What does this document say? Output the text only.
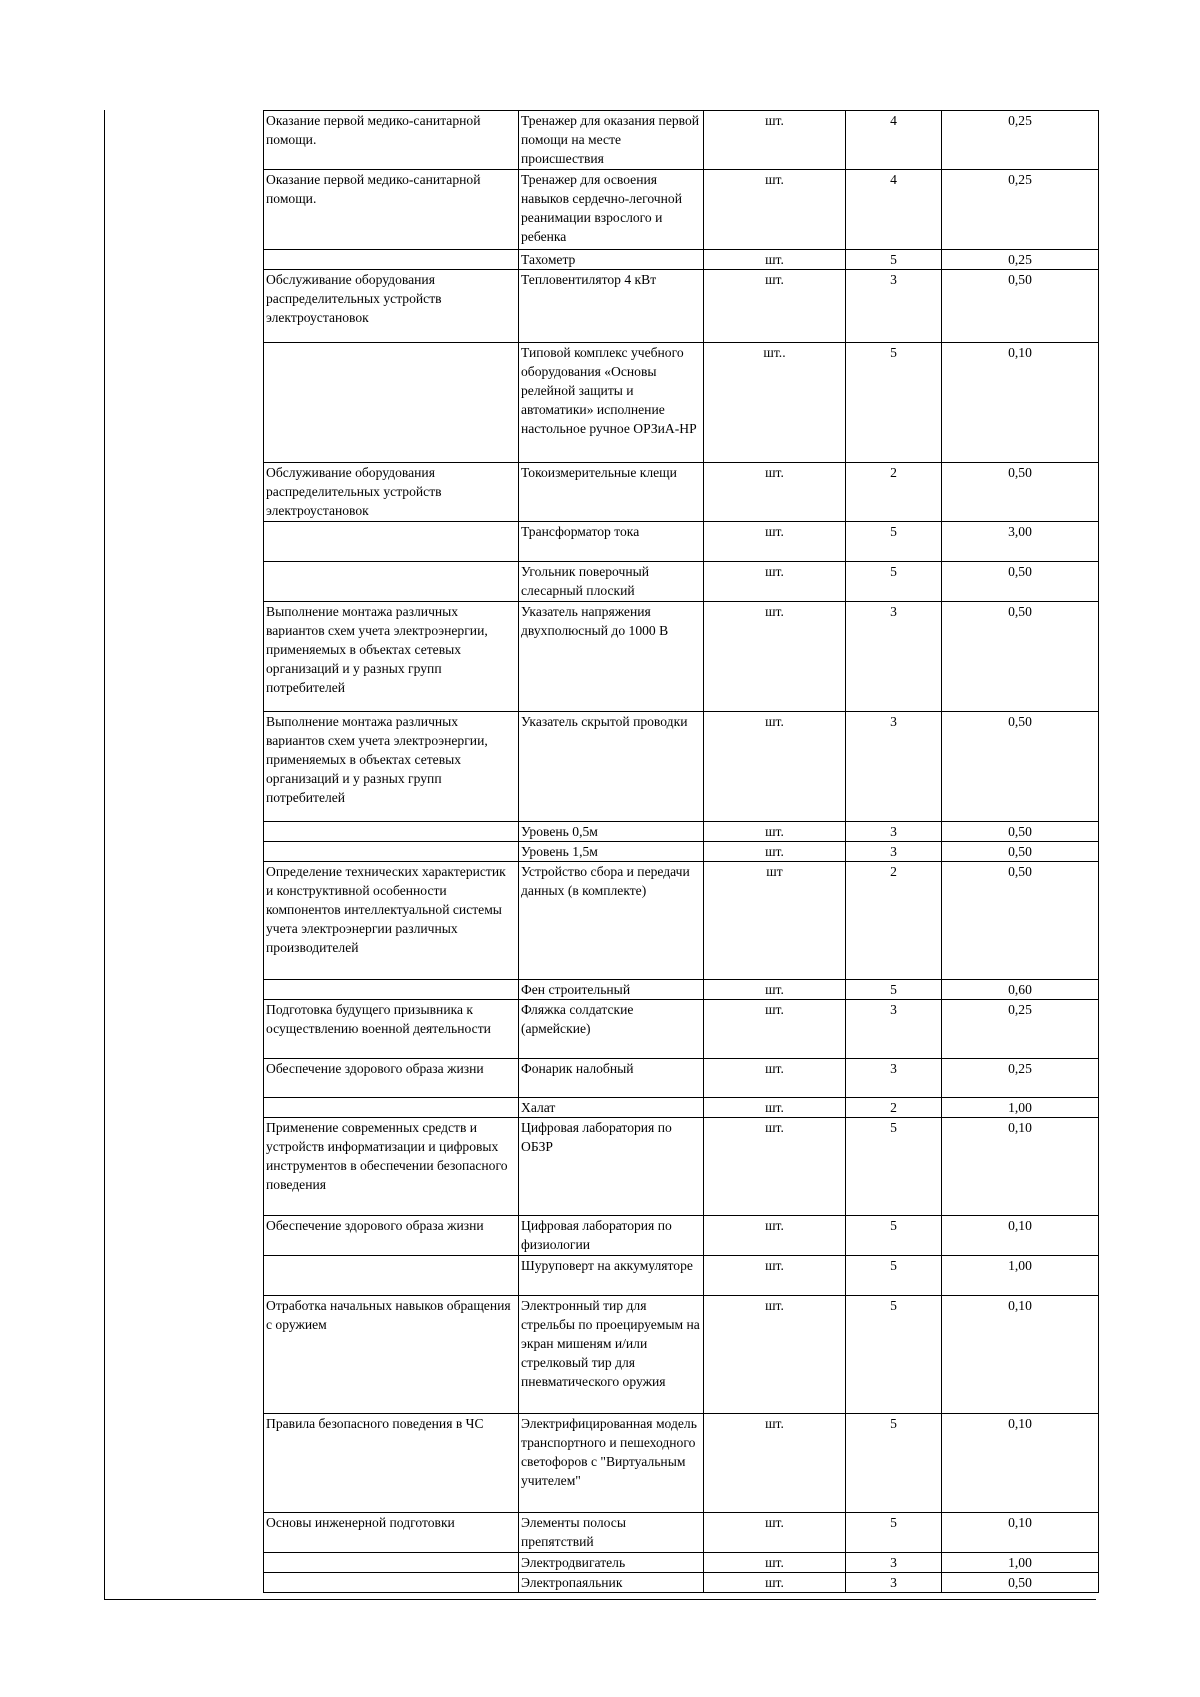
Оказание первой медико-санитарной помощи.	Тренажер для оказания первой помощи на месте происшествия	шт.	4	0,25
Оказание первой медико-санитарной помощи.	Тренажер для освоения навыков сердечно-легочной реанимации взрослого и ребенка	шт.	4	0,25
	Тахометр	шт.	5	0,25
Обслуживание оборудования распределительных устройств электроустановок	Тепловентилятор 4 кВт	шт.	3	0,50
	Типовой комплекс учебного оборудования «Основы релейной защиты и автоматики» исполнение настольное ручное ОРЗиА-НР	шт..	5	0,10
Обслуживание оборудования распределительных устройств электроустановок	Токоизмерительные клещи	шт.	2	0,50
	Трансформатор тока	шт.	5	3,00
	Угольник поверочный слесарный плоский	шт.	5	0,50
Выполнение монтажа различных вариантов схем учета электроэнергии, применяемых в объектах сетевых организаций и у разных групп потребителей	Указатель напряжения двухполюсный до 1000 В	шт.	3	0,50
Выполнение монтажа различных вариантов схем учета электроэнергии, применяемых в объектах сетевых организаций и у разных групп потребителей	Указатель скрытой проводки	шт.	3	0,50
	Уровень 0,5м	шт.	3	0,50
	Уровень 1,5м	шт.	3	0,50
Определение технических характеристик и конструктивной особенности компонентов интеллектуальной системы учета электроэнергии различных производителей	Устройство сбора и передачи данных (в комплекте)	шт	2	0,50
	Фен строительный	шт.	5	0,60
Подготовка будущего призывника к осуществлению военной деятельности	Фляжка солдатские (армейские)	шт.	3	0,25
Обеспечение здорового образа жизни	Фонарик налобный	шт.	3	0,25
	Халат	шт.	2	1,00
Применение современных средств и устройств информатизации и цифровых инструментов в обеспечении безопасного поведения	Цифровая лаборатория по ОБЗР	шт.	5	0,10
Обеспечение здорового образа жизни	Цифровая лаборатория по физиологии	шт.	5	0,10
	Шуруповерт на аккумуляторе	шт.	5	1,00
Отработка начальных навыков обращения с оружием	Электронный тир для стрельбы по проецируемым на экран мишеням и/или стрелковый тир для пневматического оружия	шт.	5	0,10
Правила безопасного поведения в ЧС	Электрифицированная модель транспортного и пешеходного светофоров с "Виртуальным учителем"	шт.	5	0,10
Основы инженерной подготовки	Элементы полосы препятствий	шт.	5	0,10
	Электродвигатель	шт.	3	1,00
	Электропаяльник	шт.	3	0,50
